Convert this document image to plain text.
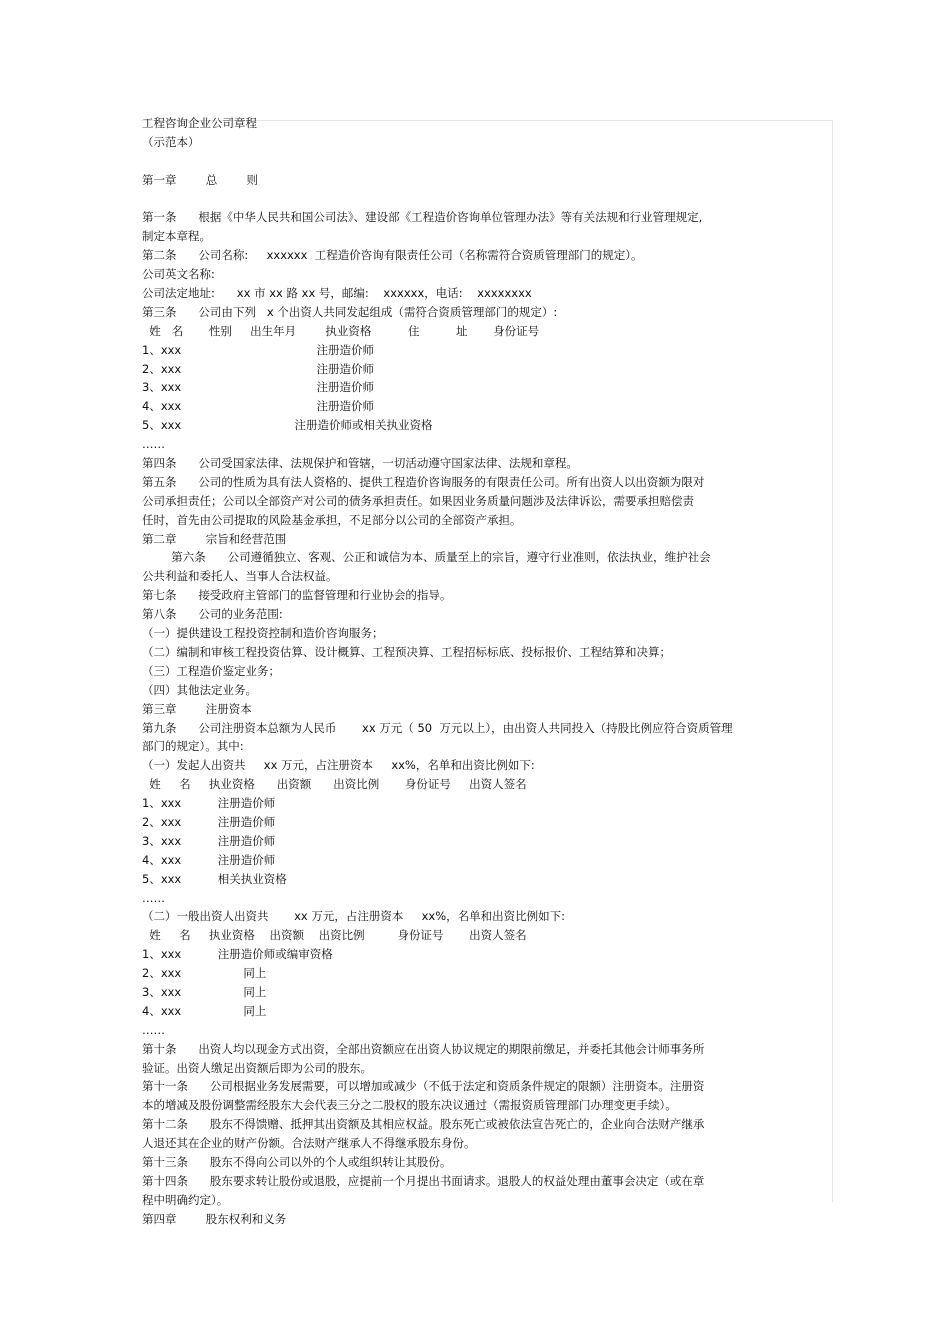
工程咨询企业公司章程
（示范本）
第一章        总        则
第一条      根据《中华人民共和国公司法》、建设部《工程造价咨询单位管理办法》等有关法规和行业管理规定,
制定本章程。
第二条      公司名称:     xxxxxx  工程造价咨询有限责任公司（名称需符合资质管理部门的规定）。
公司英文名称:
公司法定地址:      xx 市 xx 路 xx 号，邮编:    xxxxxx，电话:    xxxxxxxx
第三条      公司由下列   x 个出资人共同发起组成（需符合资质管理部门的规定）:
姓   名       性别     出生年月        执业资格          住          址       身份证号
1、xxx                                     注册造价师
2、xxx                                     注册造价师
3、xxx                                     注册造价师
4、xxx                                     注册造价师
5、xxx                               注册造价师或相关执业资格
……
第四条      公司受国家法律、法规保护和管辖，一切活动遵守国家法律、法规和章程。
第五条      公司的性质为具有法人资格的、提供工程造价咨询服务的有限责任公司。所有出资人以出资额为限对
公司承担责任；公司以全部资产对公司的债务承担责任。如果因业务质量问题涉及法律诉讼，需要承担赔偿责
任时，首先由公司提取的风险基金承担，不足部分以公司的全部资产承担。
第二章        宗旨和经营范围
第六条      公司遵循独立、客观、公正和诚信为本、质量至上的宗旨，遵守行业准则，依法执业，维护社会
公共利益和委托人、当事人合法权益。
第七条      接受政府主管部门的监督管理和行业协会的指导。
第八条      公司的业务范围:
（一）提供建设工程投资控制和造价咨询服务；
（二）编制和审核工程投资估算、设计概算、工程预决算、工程招标标底、投标报价、工程结算和决算；
（三）工程造价鉴定业务；
（四）其他法定业务。
第三章        注册资本
第九条      公司注册资本总额为人民币       xx 万元（ 50  万元以上），由出资人共同投入（持股比例应符合资质管理
部门的规定）。其中:
（一）发起人出资共     xx 万元，占注册资本     xx%，名单和出资比例如下:
姓     名     执业资格      出资额      出资比例       身份证号     出资人签名
1、xxx          注册造价师
2、xxx          注册造价师
3、xxx          注册造价师
4、xxx          注册造价师
5、xxx          相关执业资格
……
（二）一般出资人出资共       xx 万元，占注册资本     xx%，名单和出资比例如下:
姓     名     执业资格    出资额    出资比例         身份证号       出资人签名
1、xxx          注册造价师或编审资格
2、xxx                 同上
3、xxx                 同上
4、xxx                 同上
……
第十条      出资人均以现金方式出资，全部出资额应在出资人协议规定的期限前缴足，并委托其他会计师事务所
验证。出资人缴足出资额后即为公司的股东。
第十一条      公司根据业务发展需要，可以增加或减少（不低于法定和资质条件规定的限额）注册资本。注册资
本的增减及股份调整需经股东大会代表三分之二股权的股东决议通过（需报资质管理部门办理变更手续）。
第十二条      股东不得馈赠、抵押其出资额及其相应权益。股东死亡或被依法宣告死亡的，企业向合法财产继承
人退还其在企业的财产份额。合法财产继承人不得继承股东身份。
第十三条      股东不得向公司以外的个人或组织转让其股份。
第十四条      股东要求转让股份或退股，应提前一个月提出书面请求。退股人的权益处理由董事会决定（或在章
程中明确约定）。
第四章        股东权利和义务
